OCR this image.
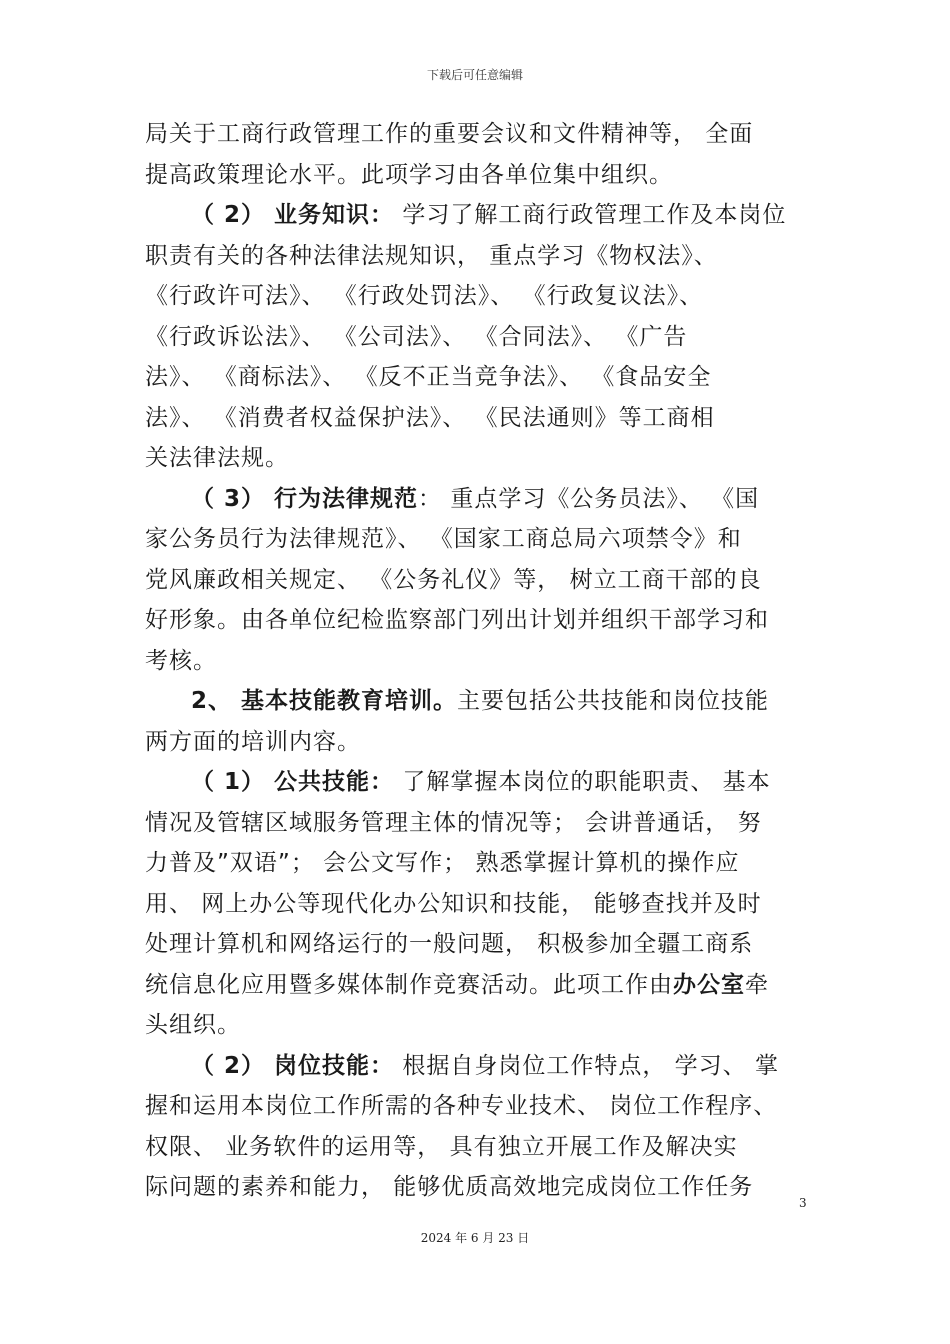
下载后可任意编辑
局关于工商行政管理工作的重要会议和文件精神等， 全面
提高政策理论水平。此项学习由各单位集中组织。
（ 2） 业务知识： 学习了解工商行政管理工作及本岗位
职责有关的各种法律法规知识， 重点学习《物权法》、
《行政许可法》、 《行政处罚法》、 《行政复议法》、
《行政诉讼法》、 《公司法》、 《合同法》、 《广告
法》、 《商标法》、 《反不正当竞争法》、 《食品安全
法》、 《消费者权益保护法》、 《民法通则》等工商相
关法律法规。
（ 3） 行为法律规范： 重点学习《公务员法》、 《国
家公务员行为法律规范》、 《国家工商总局六项禁令》和
党风廉政相关规定、 《公务礼仪》等， 树立工商干部的良
好形象。由各单位纪检监察部门列出计划并组织干部学习和
考核。
2、 基本技能教育培训。主要包括公共技能和岗位技能
两方面的培训内容。
（ 1） 公共技能： 了解掌握本岗位的职能职责、 基本
情况及管辖区域服务管理主体的情况等； 会讲普通话， 努
力普及”双语”； 会公文写作； 熟悉掌握计算机的操作应
用、 网上办公等现代化办公知识和技能， 能够查找并及时
处理计算机和网络运行的一般问题， 积极参加全疆工商系
统信息化应用暨多媒体制作竞赛活动。此项工作由办公室牵
头组织。
（ 2） 岗位技能： 根据自身岗位工作特点， 学习、 掌
握和运用本岗位工作所需的各种专业技术、 岗位工作程序、
权限、 业务软件的运用等， 具有独立开展工作及解决实
际问题的素养和能力， 能够优质高效地完成岗位工作任务
3
2024 年 6 月 23 日
